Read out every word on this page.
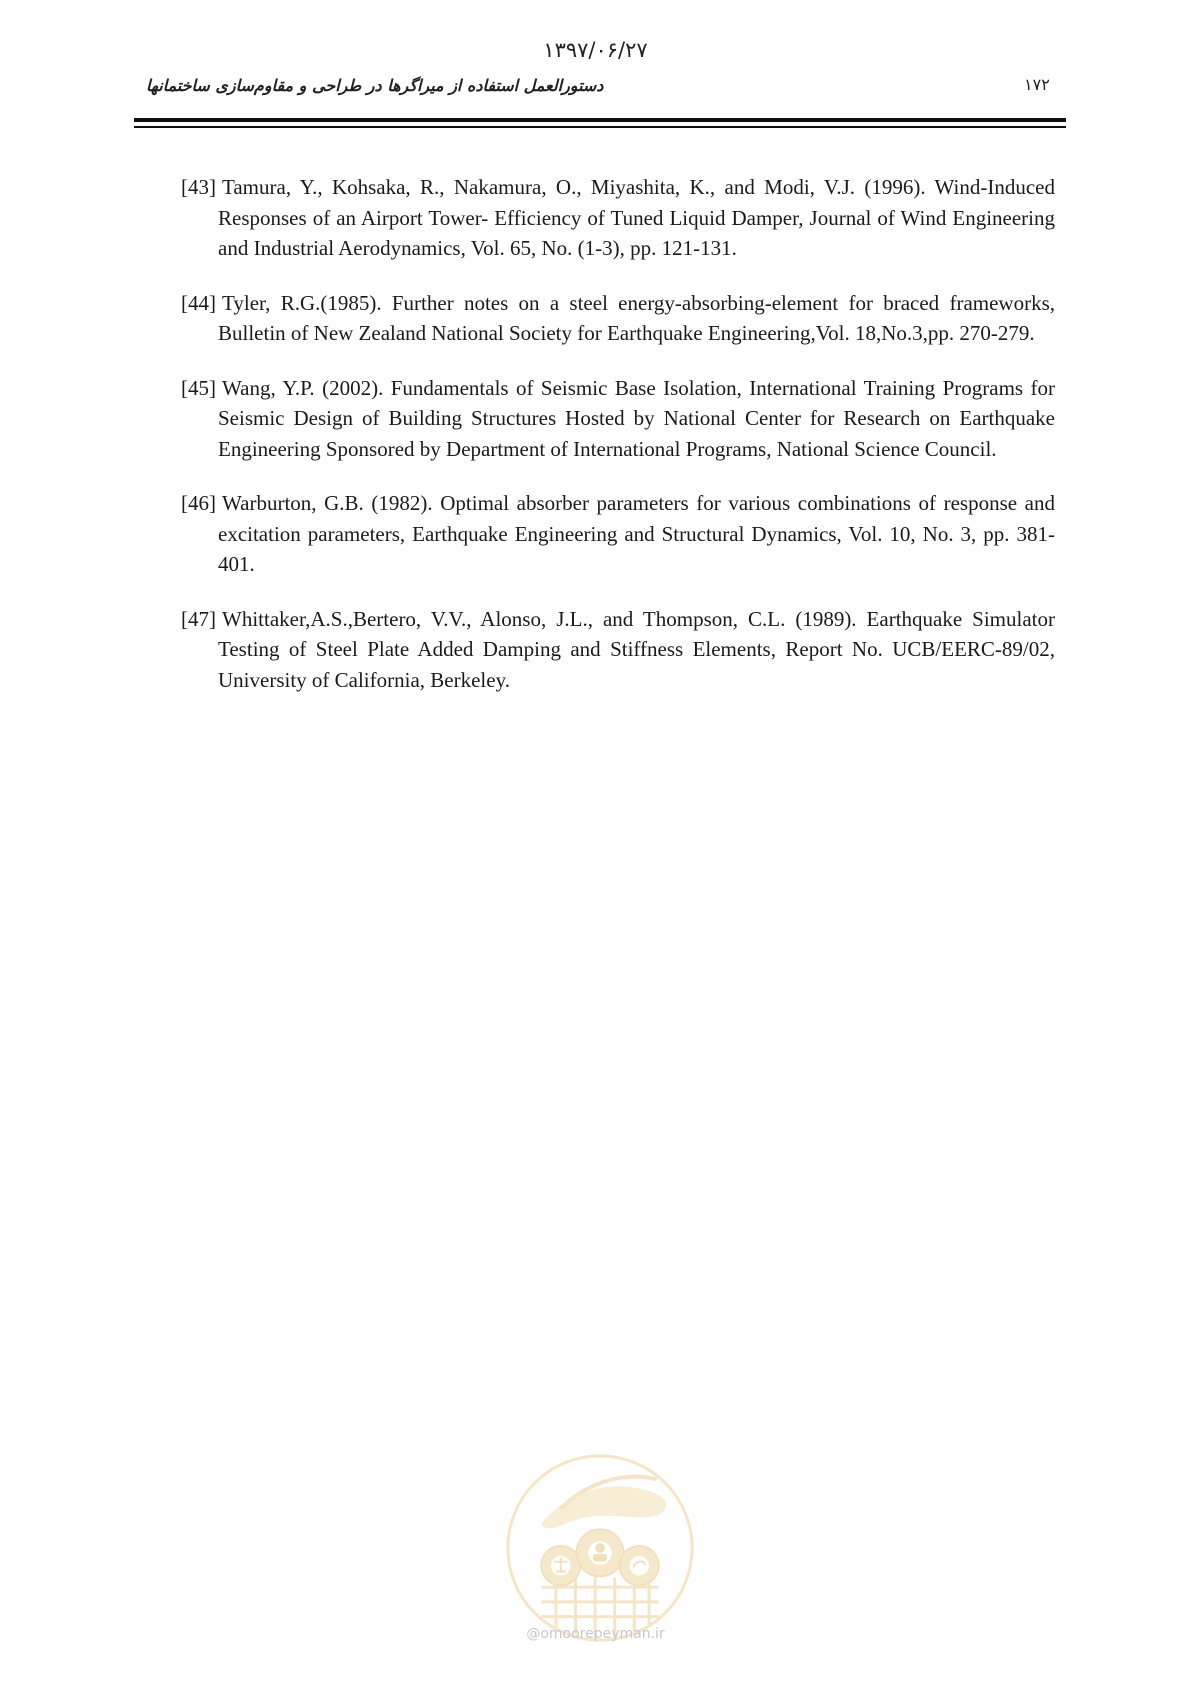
۱۳۹۷/۰۶/۲۷
دستورالعمل استفاده از میراگرها در طراحی و مقاوم‌سازی ساختمانها	۱۷۲
[43] Tamura, Y., Kohsaka, R., Nakamura, O., Miyashita, K., and Modi, V.J. (1996). Wind-Induced Responses of an Airport Tower- Efficiency of Tuned Liquid Damper, Journal of Wind Engineering and Industrial Aerodynamics, Vol. 65, No. (1-3), pp. 121-131.
[44] Tyler, R.G.(1985). Further notes on a steel energy-absorbing-element for braced frameworks, Bulletin of New Zealand National Society for Earthquake Engineering,Vol. 18,No.3,pp. 270-279.
[45] Wang, Y.P. (2002). Fundamentals of Seismic Base Isolation, International Training Programs for Seismic Design of Building Structures Hosted by National Center for Research on Earthquake Engineering Sponsored by Department of International Programs, National Science Council.
[46] Warburton, G.B. (1982). Optimal absorber parameters for various combinations of response and excitation parameters, Earthquake Engineering and Structural Dynamics, Vol. 10, No. 3, pp. 381-401.
[47] Whittaker,A.S.,Bertero, V.V., Alonso, J.L., and Thompson, C.L. (1989). Earthquake Simulator Testing of Steel Plate Added Damping and Stiffness Elements, Report No. UCB/EERC-89/02, University of California, Berkeley.
@omoorepeyman.ir
